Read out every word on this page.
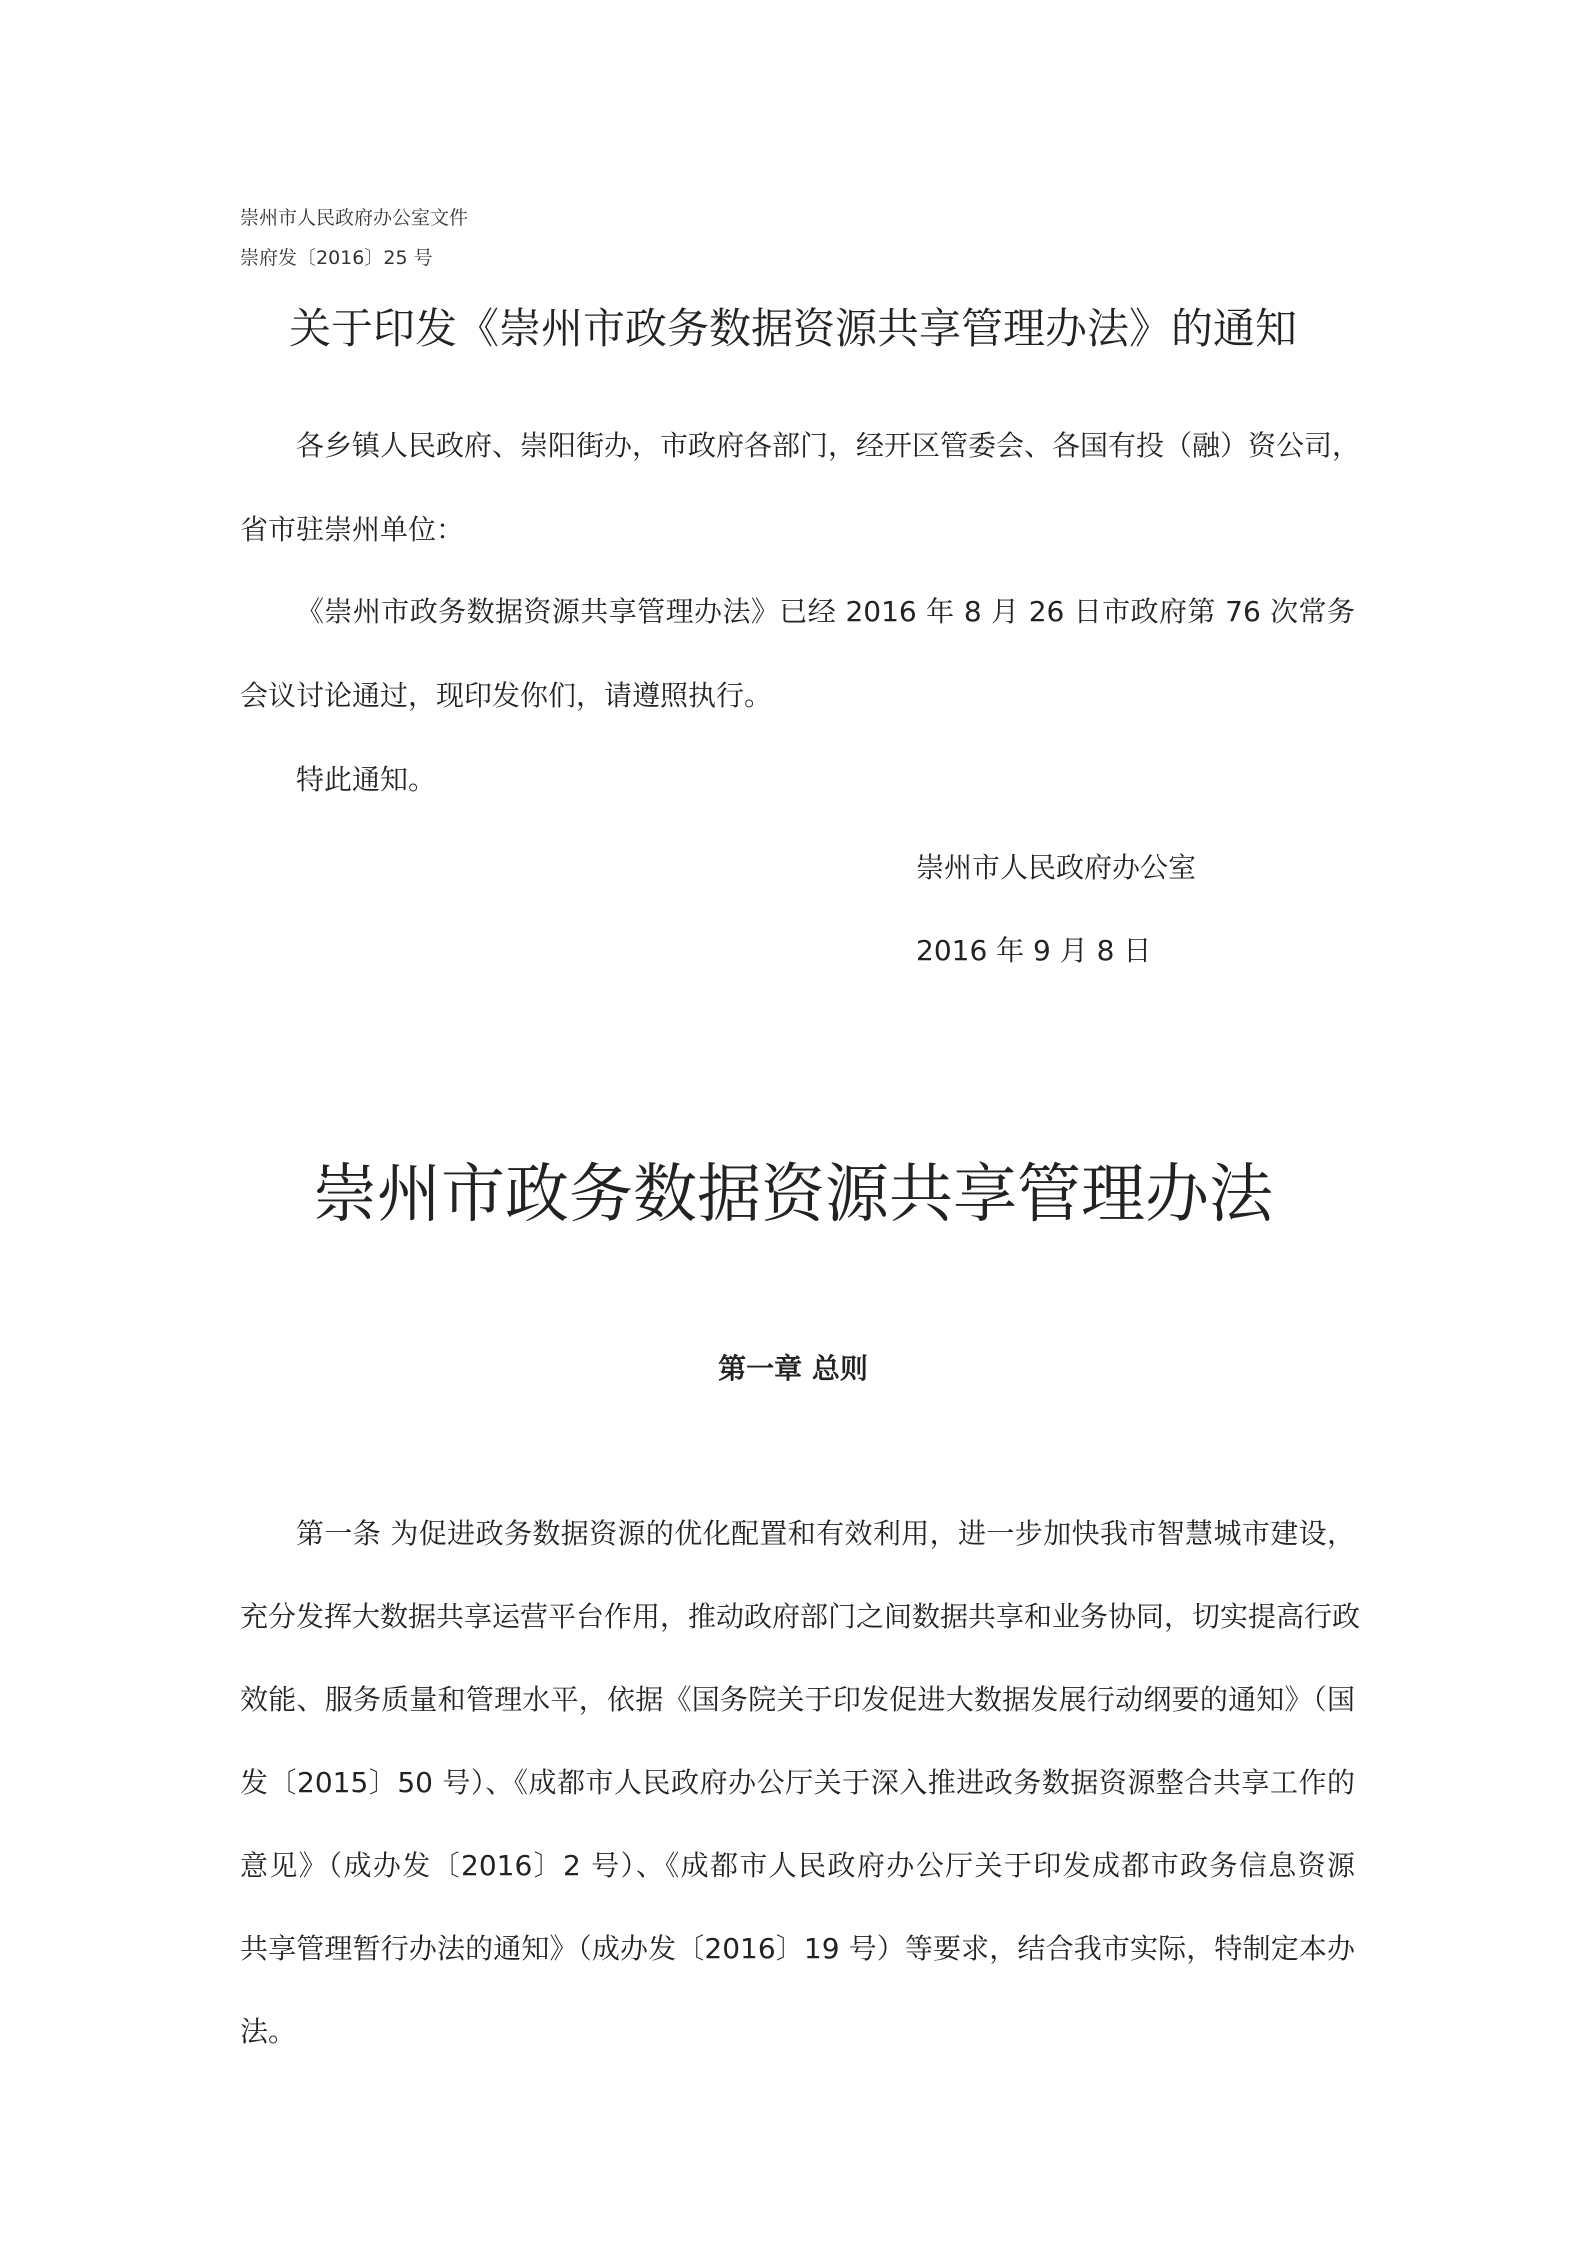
崇州市人民政府办公室文件
崇府发〔2016〕25 号
关于印发《崇州市政务数据资源共享管理办法》的通知
各乡镇人民政府、崇阳街办，市政府各部门，经开区管委会、各国有投（融）资公司，
省市驻崇州单位：
《崇州市政务数据资源共享管理办法》已经 2016 年 8 月 26 日市政府第 76 次常务
会议讨论通过，现印发你们，请遵照执行。
特此通知。
崇州市人民政府办公室
2016 年 9 月 8 日
崇州市政务数据资源共享管理办法
第一章 总则
第一条 为促进政务数据资源的优化配置和有效利用，进一步加快我市智慧城市建设，
充分发挥大数据共享运营平台作用，推动政府部门之间数据共享和业务协同，切实提高行政
效能、服务质量和管理水平，依据《国务院关于印发促进大数据发展行动纲要的通知》（国
发〔2015〕50 号）、《成都市人民政府办公厅关于深入推进政务数据资源整合共享工作的
意见》（成办发〔2016〕2 号）、《成都市人民政府办公厅关于印发成都市政务信息资源
共享管理暂行办法的通知》（成办发〔2016〕19 号）等要求，结合我市实际，特制定本办
法。
